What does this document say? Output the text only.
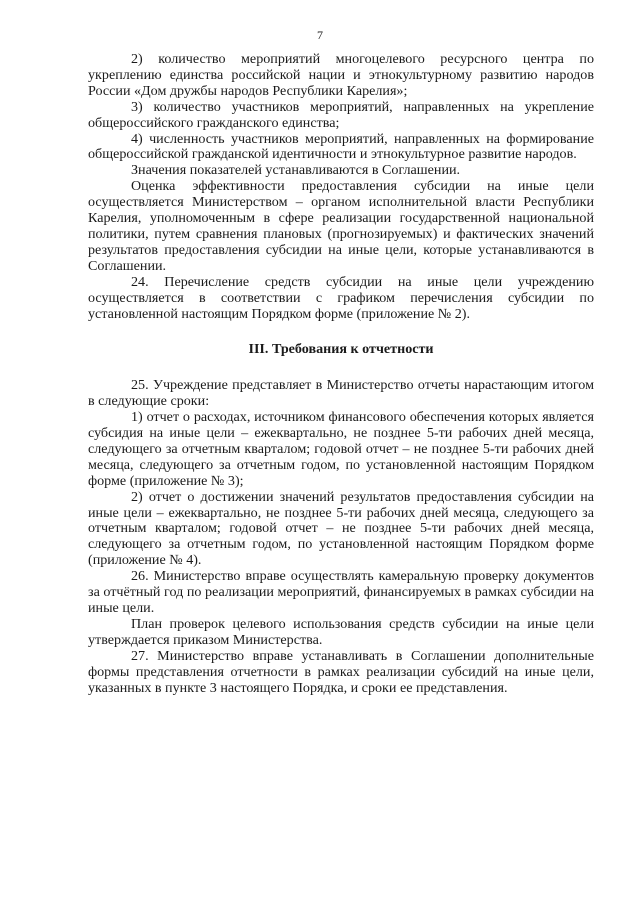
7

2) количество мероприятий многоцелевого ресурсного центра по укреплению единства российской нации и этнокультурному развитию народов России «Дом дружбы народов Республики Карелия»;

3) количество участников мероприятий, направленных на укрепление общероссийского гражданского единства;

4) численность участников мероприятий, направленных на формирование общероссийской гражданской идентичности и этнокультурное развитие народов.

Значения показателей устанавливаются в Соглашении.

Оценка эффективности предоставления субсидии на иные цели осуществляется Министерством – органом исполнительной власти Республики Карелия, уполномоченным в сфере реализации государственной национальной политики, путем сравнения плановых (прогнозируемых) и фактических значений результатов предоставления субсидии на иные цели, которые устанавливаются в Соглашении.

24. Перечисление средств субсидии на иные цели учреждению осуществляется в соответствии с графиком перечисления субсидии по установленной настоящим Порядком форме (приложение № 2).

III. Требования к отчетности

25. Учреждение представляет в Министерство отчеты нарастающим итогом в следующие сроки:

1) отчет о расходах, источником финансового обеспечения которых является субсидия на иные цели – ежеквартально, не позднее 5-ти рабочих дней месяца, следующего за отчетным кварталом; годовой отчет – не позднее 5-ти рабочих дней месяца, следующего за отчетным годом, по установленной настоящим Порядком форме (приложение № 3);

2) отчет о достижении значений результатов предоставления субсидии на иные цели – ежеквартально, не позднее 5-ти рабочих дней месяца, следующего за отчетным кварталом; годовой отчет – не позднее 5-ти рабочих дней месяца, следующего за отчетным годом, по установленной настоящим Порядком форме (приложение № 4).

26. Министерство вправе осуществлять камеральную проверку документов за отчётный год по реализации мероприятий, финансируемых в рамках субсидии на иные цели.

План проверок целевого использования средств субсидии на иные цели утверждается приказом Министерства.

27. Министерство вправе устанавливать в Соглашении дополнительные формы представления отчетности в рамках реализации субсидий на иные цели, указанных в пункте 3 настоящего Порядка, и сроки ее представления.
